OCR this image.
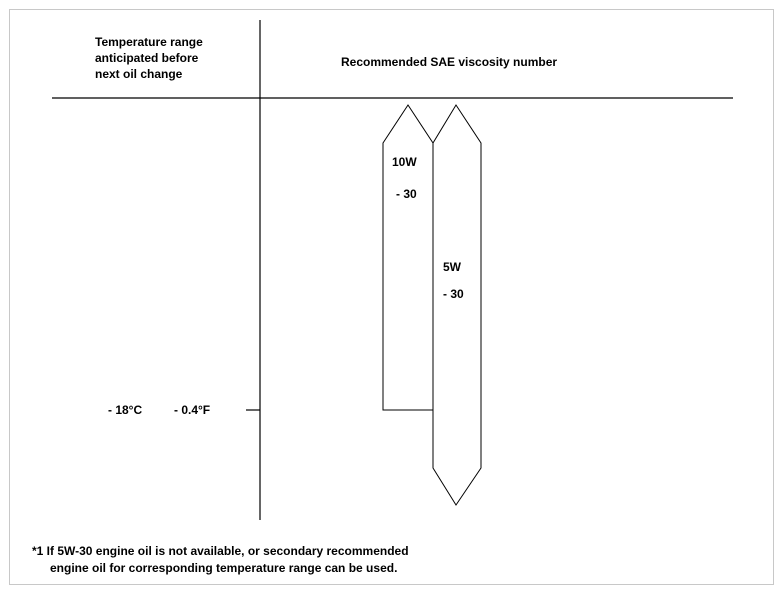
Temperature range
anticipated before
next oil change
Recommended SAE viscosity number
10W
- 30
5W
- 30
- 18°C	- 0.4°F
*1 If 5W-30 engine oil is not available, or secondary recommended
engine oil for corresponding temperature range can be used.
